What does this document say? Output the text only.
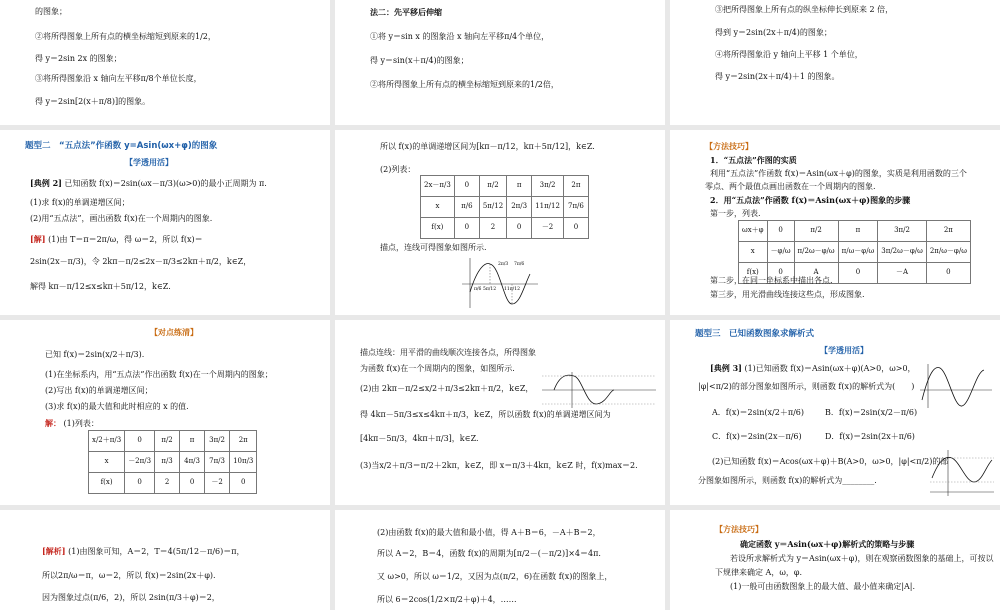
的图象；
②将所得图象上所有点的横坐标缩短到原来的1/2，
得 y＝2sin 2x 的图象；
③将所得图象沿 x 轴向左平移π/8个单位长度，
得 y＝2sin[2(x＋π/8)]的图象。
法二：先平移后伸缩
①将 y＝sin x 的图象沿 x 轴向左平移π/4个单位，
得 y＝sin(x＋π/4)的图象；
②将所得图象上所有点的横坐标缩短到原来的1/2倍，
③把所得图象上所有点的纵坐标伸长到原来 2 倍，
得到 y＝2sin(2x＋π/4)的图象；
④将所得图象沿 y 轴向上平移 1 个单位，
得 y＝2sin(2x＋π/4)＋1 的图象。
题型二　“五点法”作函数 y=Asin(ωx+φ)的图象
【学透用活】
[典例 2] 已知函数 f(x)＝2sin(ωx－π/3)(ω>0)的最小正周期为 π.
(1)求 f(x)的单调递增区间；
(2)用“五点法”，画出函数 f(x)在一个周期内的图象.
[解] (1)由 T＝π＝2π/ω，得 ω＝2，所以 f(x)＝
2sin(2x－π/3)，令 2kπ－π/2≤2x－π/3≤2kπ＋π/2，k∈Z，
解得 kπ－π/12≤x≤kπ＋5π/12，k∈Z.
所以 f(x)的单调递增区间为[kπ－π/12，kπ＋5π/12]，k∈Z.
(2)列表：
2x－π/3	0	π/2	π	3π/2	2π
x	π/6	5π/12	2π/3	11π/12	7π/6
f(x)	0	2	0	－2	0
描点，连线可得图象如图所示.
2π/3 7π/6
π/6 5π/12 11π/12
【方法技巧】
1．“五点法”作图的实质
利用“五点法”作函数 f(x)＝Asin(ωx＋φ)的图象，实质是利用函数的三个
零点、两个最值点画出函数在一个周期内的图象.
2．用“五点法”作函数 f(x)＝Asin(ωx＋φ)图象的步骤
第一步，列表.
ωx＋φ	0	π/2	π	3π/2	2π
x	－φ/ω	π/2ω－φ/ω	π/ω－φ/ω	3π/2ω－φ/ω	2π/ω－φ/ω
f(x)	0	A	0	－A	0
第二步，在同一坐标系中描出各点.
第三步，用光滑曲线连接这些点，形成图象.
【对点练清】
已知 f(x)＝2sin(x/2＋π/3).
(1)在坐标系内，用“五点法”作出函数 f(x)在一个周期内的图象；
(2)写出 f(x)的单调递增区间；
(3)求 f(x)的最大值和此时相应的 x 的值.
解： (1)列表：
x/2＋π/3	0	π/2	π	3π/2	2π
x	－2π/3	π/3	4π/3	7π/3	10π/3
f(x)	0	2	0	－2	0
描点连线：用平滑的曲线顺次连接各点，所得图象
为函数 f(x)在一个周期内的图象，如图所示.
(2)由 2kπ－π/2≤x/2＋π/3≤2kπ＋π/2，k∈Z，
得 4kπ－5π/3≤x≤4kπ＋π/3，k∈Z，所以函数 f(x)的单调递增区间为
[4kπ－5π/3，4kπ＋π/3]，k∈Z.
(3)当x/2＋π/3＝π/2＋2kπ，k∈Z，即 x＝π/3＋4kπ，k∈Z 时，f(x)max＝2.
题型三　已知函数图象求解析式
【学透用活】
[典例 3] (1)已知函数 f(x)＝Asin(ωx＋φ)(A>0，ω>0，
|φ|<π/2)的部分图象如图所示，则函数 f(x)的解析式为(　　)
A．f(x)＝2sin(x/2＋π/6)	B．f(x)＝2sin(x/2－π/6)
C．f(x)＝2sin(2x－π/6)	D．f(x)＝2sin(2x＋π/6)
(2)已知函数 f(x)＝Acos(ωx＋φ)＋B(A>0，ω>0，|φ|<π/2)的部
分图象如图所示，则函数 f(x)的解析式为________.
[解析] (1)由图象可知，A＝2，T＝4(5π/12－π/6)＝π，
所以2π/ω＝π，ω＝2，所以 f(x)＝2sin(2x＋φ).
因为图象过点(π/6，2)，所以 2sin(π/3＋φ)＝2，
(2)由函数 f(x)的最大值和最小值，得 A＋B＝6，－A＋B＝2，
所以 A＝2，B＝4，函数 f(x)的周期为[π/2－(－π/2)]×4＝4π.
又 ω>0，所以 ω＝1/2，又因为点(π/2，6)在函数 f(x)的图象上，
所以 6＝2cos(1/2×π/2＋φ)＋4，……
【方法技巧】
确定函数 y＝Asin(ωx＋φ)解析式的策略与步骤
若设所求解析式为 y＝Asin(ωx＋φ)，则在观察函数图象的基础上，可按以
下规律来确定 A，ω，φ.
(1)一般可由函数图象上的最大值、最小值来确定|A|.
